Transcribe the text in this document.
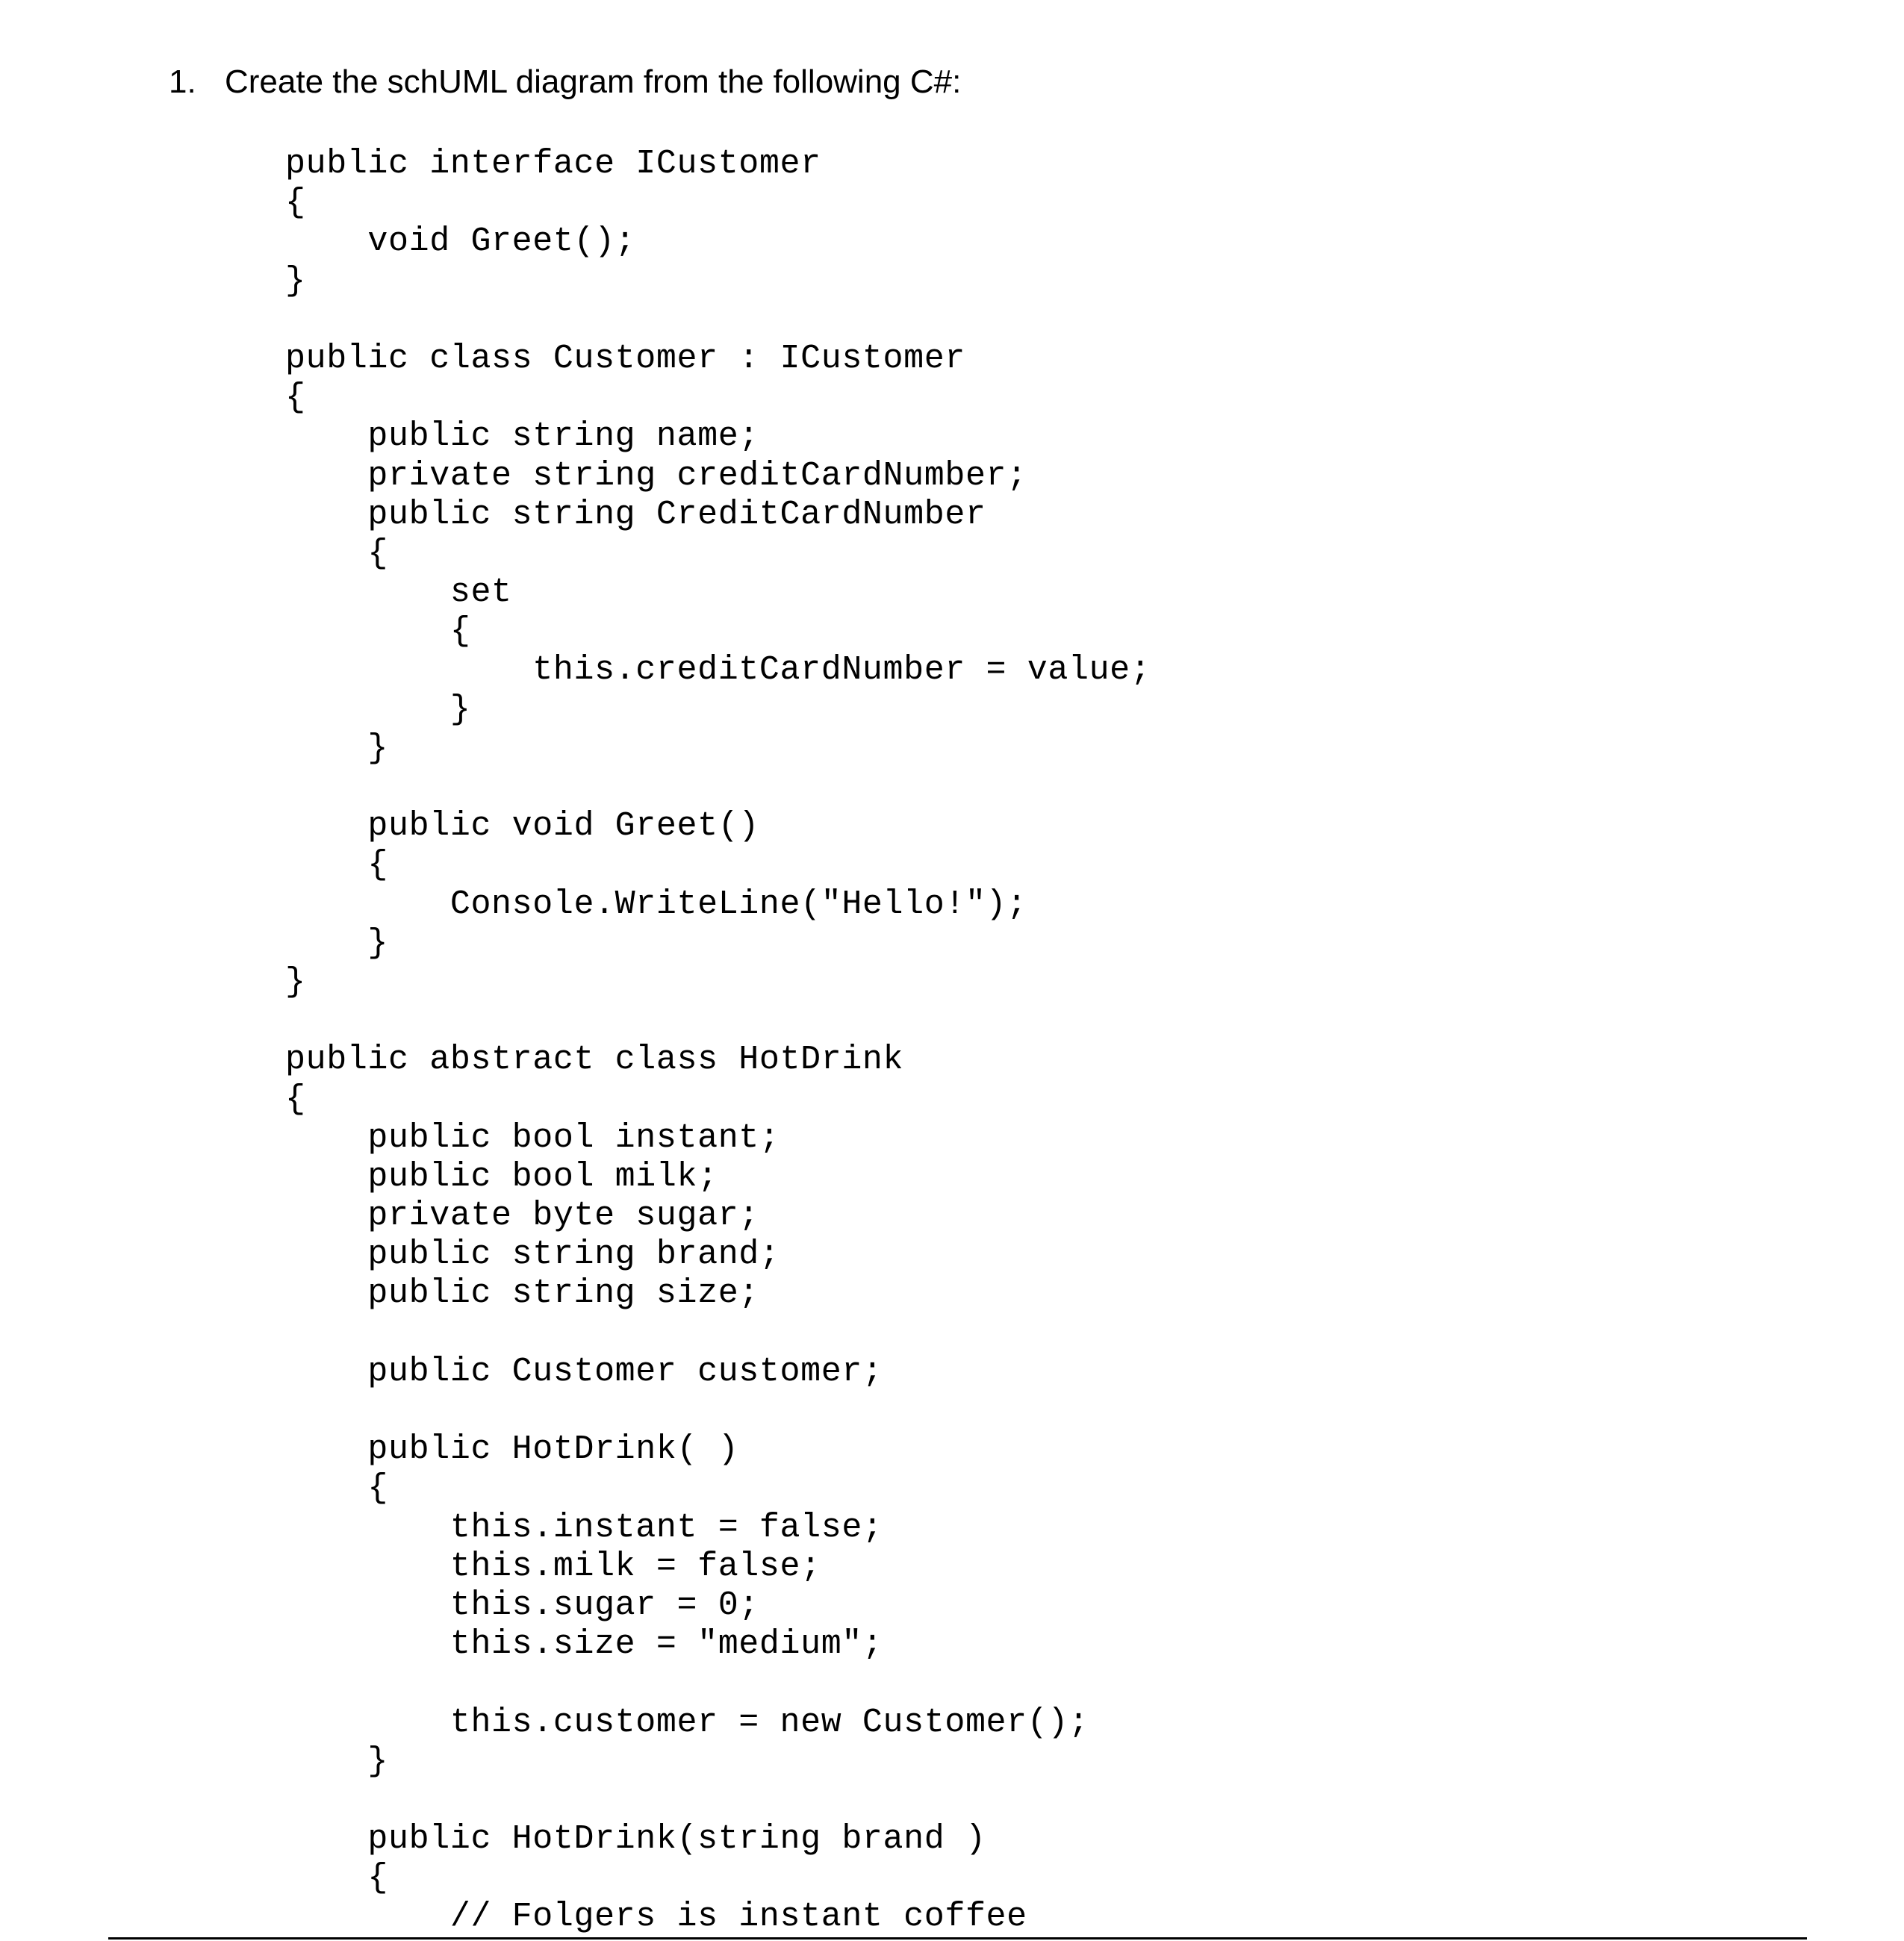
1. Create the schUML diagram from the following C#:
public interface ICustomer
{
void Greet();
}
public class Customer : ICustomer
{
public string name;
private string creditCardNumber;
public string CreditCardNumber
{
set
{
this.creditCardNumber = value;
}
}
public void Greet()
{
Console.WriteLine("Hello!");
}
}
public abstract class HotDrink
{
public bool instant;
public bool milk;
private byte sugar;
public string brand;
public string size;
public Customer customer;
public HotDrink( )
{
this.instant = false;
this.milk = false;
this.sugar = 0;
this.size = "medium";
this.customer = new Customer();
}
public HotDrink(string brand )
{
// Folgers is instant coffee
